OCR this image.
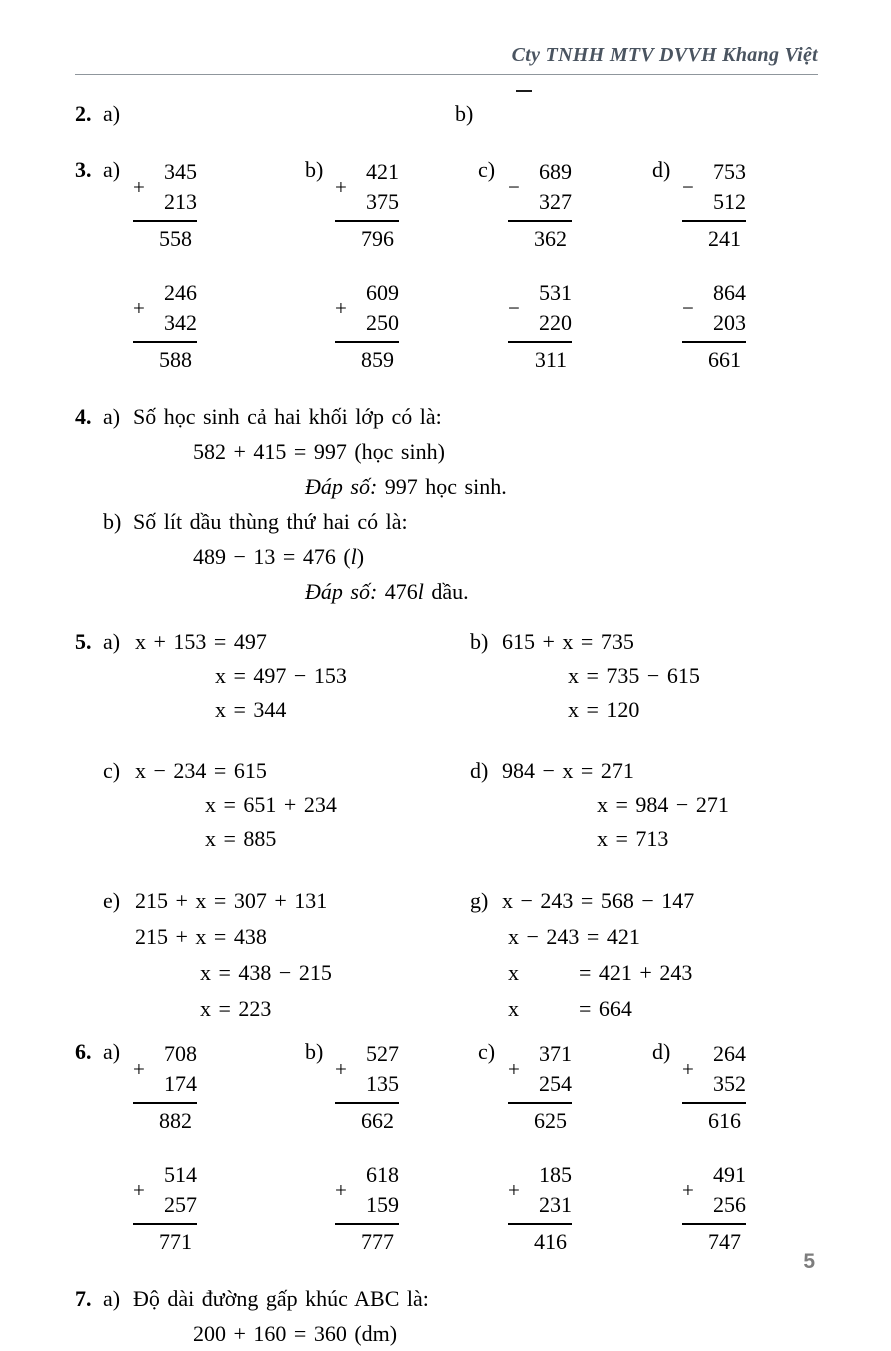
Cty TNHH MTV DVVH Khang Việt
2. a)	b)
3. a)
+
345
213
558
b)
+
421
375
796
c)
−
689
327
362
d)
−
753
512
241
+
246
342
588
+
609
250
859
−
531
220
311
−
864
203
661
4. a) Số học sinh cả hai khối lớp có là:
582 + 415 = 997 (học sinh)
Đáp số: 997 học sinh.
b) Số lít dầu thùng thứ hai có là:
489 − 13 = 476 (l)
Đáp số: 476l dầu.
5. a) x + 153 = 497
x = 497 − 153
x = 344
c) x − 234 = 615
x = 651 + 234
x = 885
e) 215 + x = 307 + 131
215 + x = 438
x = 438 − 215
x = 223
b) 615 + x = 735
x = 735 − 615
x = 120
d) 984 − x = 271
x = 984 − 271
x = 713
g) x − 243 = 568 − 147
x − 243 = 421
x        = 421 + 243
x        = 664
6. a)
+
708
174
882
b)
+
527
135
662
c)
+
371
254
625
d)
+
264
352
616
+
514
257
771
+
618
159
777
+
185
231
416
+
491
256
747
7. a) Độ dài đường gấp khúc ABC là:
200 + 160 = 360 (dm)
5
